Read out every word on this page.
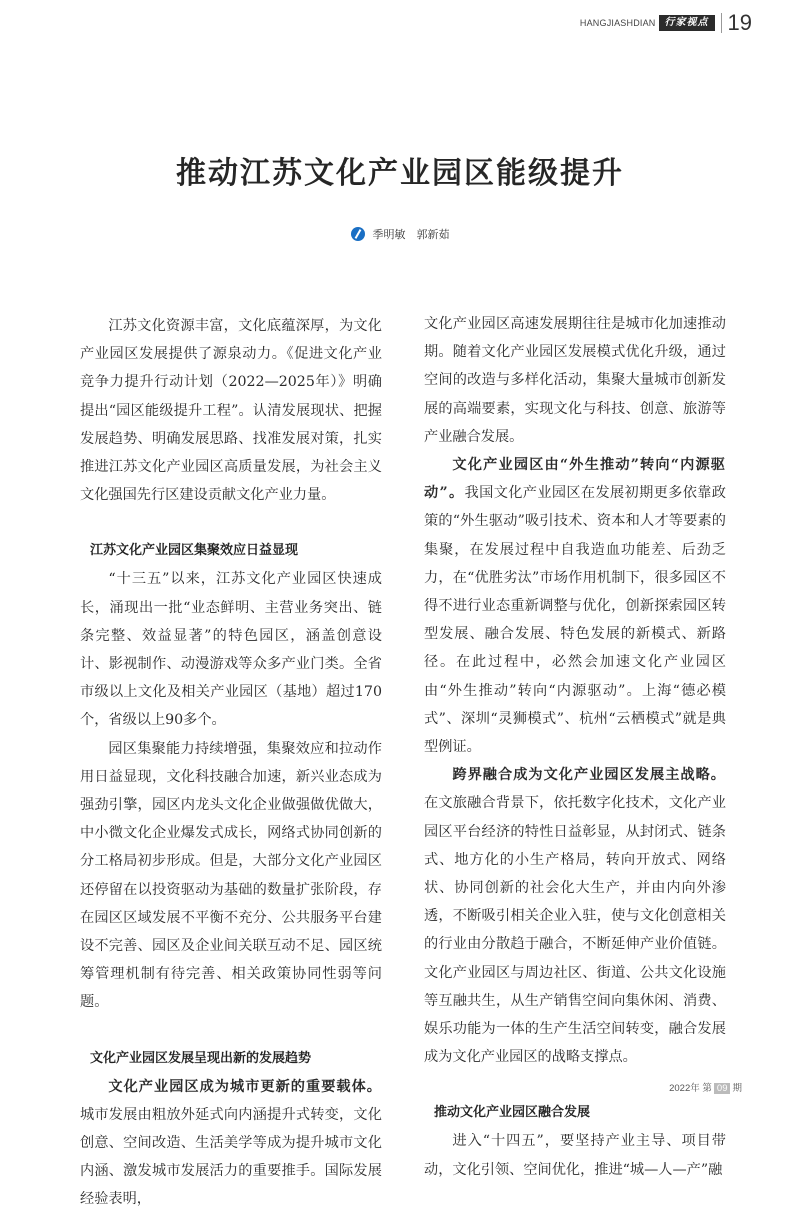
HANGJIASHDIAN 行家视点 19
推动江苏文化产业园区能级提升
季明敏　郭新茹

江苏文化资源丰富，文化底蕴深厚，为文化产业园区发展提供了源泉动力。《促进文化产业竞争力提升行动计划（2022—2025年）》明确提出“园区能级提升工程”。认清发展现状、把握发展趋势、明确发展思路、找准发展对策，扎实推进江苏文化产业园区高质量发展，为社会主义文化强国先行区建设贡献文化产业力量。

江苏文化产业园区集聚效应日益显现

“十三五”以来，江苏文化产业园区快速成长，涌现出一批“业态鲜明、主营业务突出、链条完整、效益显著”的特色园区，涵盖创意设计、影视制作、动漫游戏等众多产业门类。全省市级以上文化及相关产业园区（基地）超过170个，省级以上90多个。

园区集聚能力持续增强，集聚效应和拉动作用日益显现，文化科技融合加速，新兴业态成为强劲引擎，园区内龙头文化企业做强做优做大，中小微文化企业爆发式成长，网络式协同创新的分工格局初步形成。但是，大部分文化产业园区还停留在以投资驱动为基础的数量扩张阶段，存在园区区域发展不平衡不充分、公共服务平台建设不完善、园区及企业间关联互动不足、园区统筹管理机制有待完善、相关政策协同性弱等问题。

文化产业园区发展呈现出新的发展趋势

文化产业园区成为城市更新的重要载体。城市发展由粗放外延式向内涵提升式转变，文化创意、空间改造、生活美学等成为提升城市文化内涵、激发城市发展活力的重要推手。国际发展经验表明，

文化产业园区高速发展期往往是城市化加速推动期。随着文化产业园区发展模式优化升级，通过空间的改造与多样化活动，集聚大量城市创新发展的高端要素，实现文化与科技、创意、旅游等产业融合发展。

文化产业园区由“外生推动”转向“内源驱动”。我国文化产业园区在发展初期更多依靠政策的“外生驱动”吸引技术、资本和人才等要素的集聚，在发展过程中自我造血功能差、后劲乏力，在“优胜劣汰”市场作用机制下，很多园区不得不进行业态重新调整与优化，创新探索园区转型发展、融合发展、特色发展的新模式、新路径。在此过程中，必然会加速文化产业园区由“外生推动”转向“内源驱动”。上海“德必模式”、深圳“灵狮模式”、杭州“云栖模式”就是典型例证。

跨界融合成为文化产业园区发展主战略。在文旅融合背景下，依托数字化技术，文化产业园区平台经济的特性日益彰显，从封闭式、链条式、地方化的小生产格局，转向开放式、网络状、协同创新的社会化大生产，并由内向外渗透，不断吸引相关企业入驻，使与文化创意相关的行业由分散趋于融合，不断延伸产业价值链。文化产业园区与周边社区、街道、公共文化设施等互融共生，从生产销售空间向集休闲、消费、娱乐功能为一体的生产生活空间转变，融合发展成为文化产业园区的战略支撑点。

推动文化产业园区融合发展

进入“十四五”，要坚持产业主导、项目带动，文化引领、空间优化，推进“城—人—产”融

2022年 第 09 期
